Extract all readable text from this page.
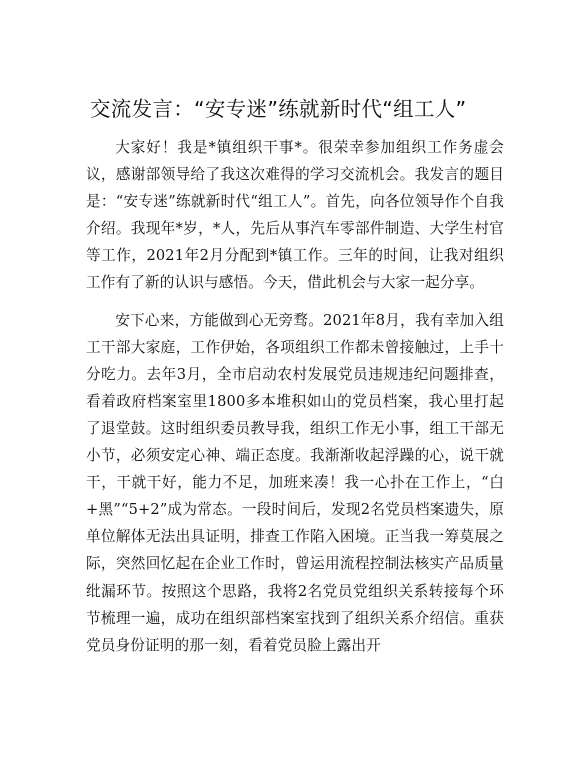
交流发言：“安专迷”练就新时代“组工人”

大家好！我是*镇组织干事*。很荣幸参加组织工作务虚会议，感谢部领导给了我这次难得的学习交流机会。我发言的题目是：“安专迷”练就新时代“组工人”。首先，向各位领导作个自我介绍。我现年*岁，*人，先后从事汽车零部件制造、大学生村官等工作，2021年2月分配到*镇工作。三年的时间，让我对组织工作有了新的认识与感悟。今天，借此机会与大家一起分享。

安下心来，方能做到心无旁骛。2021年8月，我有幸加入组工干部大家庭，工作伊始，各项组织工作都未曾接触过，上手十分吃力。去年3月，全市启动农村发展党员违规违纪问题排查，看着政府档案室里1800多本堆积如山的党员档案，我心里打起了退堂鼓。这时组织委员教导我，组织工作无小事，组工干部无小节，必须安定心神、端正态度。我渐渐收起浮躁的心，说干就干，干就干好，能力不足，加班来凑！我一心扑在工作上，“白+黑”“5+2”成为常态。一段时间后，发现2名党员档案遗失，原单位解体无法出具证明，排查工作陷入困境。正当我一筹莫展之际，突然回忆起在企业工作时，曾运用流程控制法核实产品质量纰漏环节。按照这个思路，我将2名党员党组织关系转接每个环节梳理一遍，成功在组织部档案室找到了组织关系介绍信。重获党员身份证明的那一刻，看着党员脸上露出开
